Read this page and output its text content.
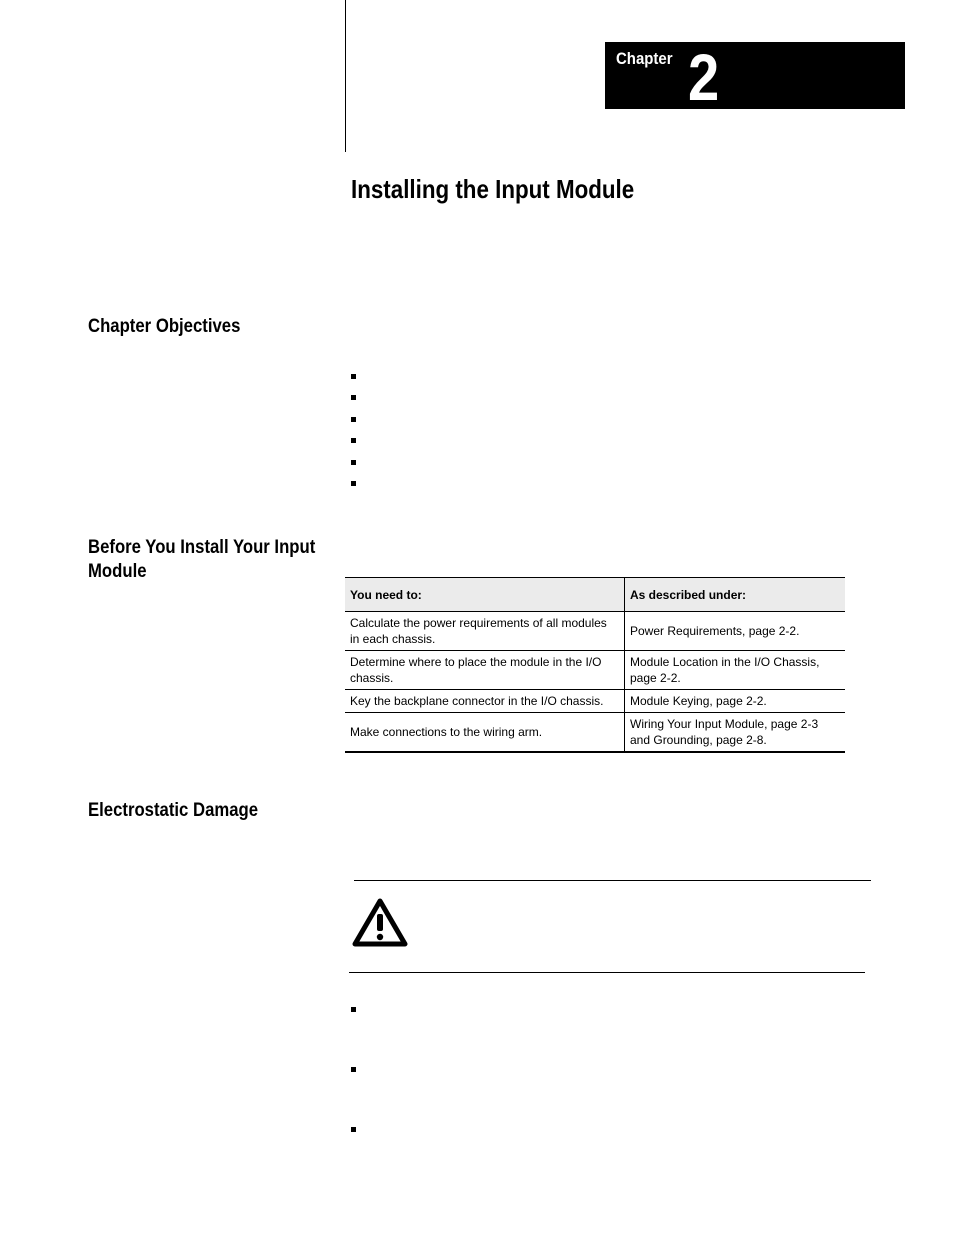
Chapter 2
Installing the Input Module
Chapter Objectives
Before You Install Your Input Module
You need to:	As described under:
Calculate the power requirements of all modules in each chassis.	Power Requirements, page 2-2.
Determine where to place the module in the I/O chassis.	Module Location in the I/O Chassis, page 2-2.
Key the backplane connector in the I/O chassis.	Module Keying, page 2-2.
Make connections to the wiring arm.	Wiring Your Input Module, page 2-3 and Grounding, page 2-8.
Electrostatic Damage
